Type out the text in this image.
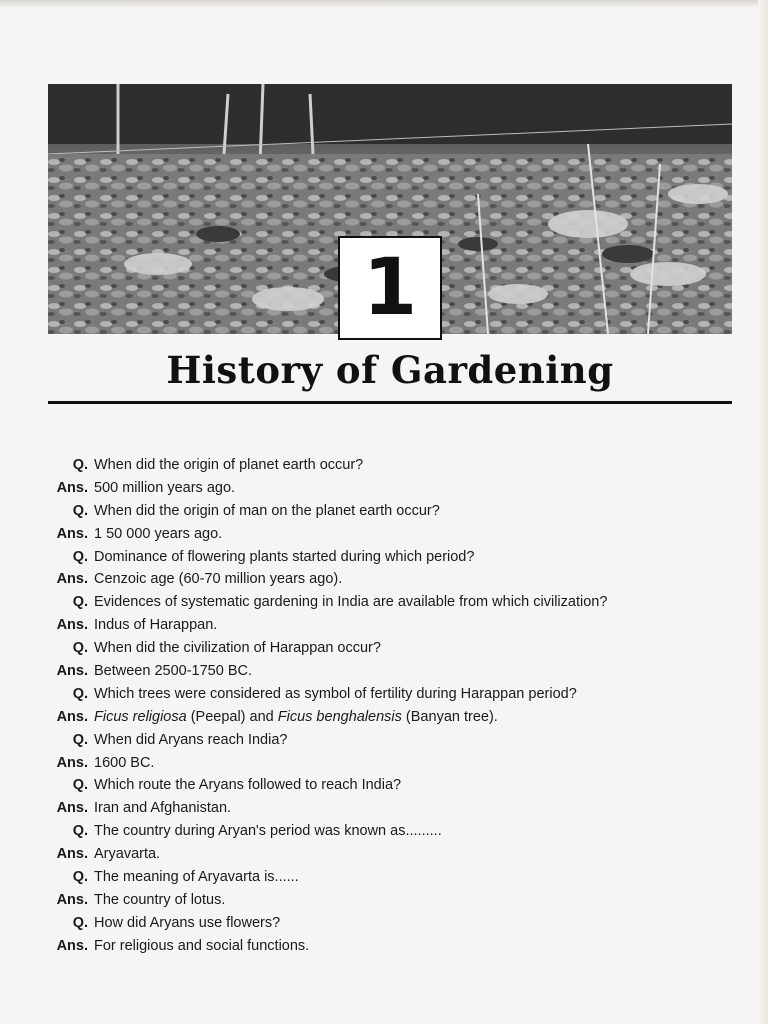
1
History of Gardening
Q. When did the origin of planet earth occur?
Ans. 500 million years ago.
Q. When did the origin of man on the planet earth occur?
Ans. 1 50 000 years ago.
Q. Dominance of flowering plants started during which period?
Ans. Cenzoic age (60-70 million years ago).
Q. Evidences of systematic gardening in India are available from which civilization?
Ans. Indus of Harappan.
Q. When did the civilization of Harappan occur?
Ans. Between 2500-1750 BC.
Q. Which trees were considered as symbol of fertility during Harappan period?
Ans. Ficus religiosa (Peepal) and Ficus benghalensis (Banyan tree).
Q. When did Aryans reach India?
Ans. 1600 BC.
Q. Which route the Aryans followed to reach India?
Ans. Iran and Afghanistan.
Q. The country during Aryan's period was known as.........
Ans. Aryavarta.
Q. The meaning of Aryavarta is......
Ans. The country of lotus.
Q. How did Aryans use flowers?
Ans. For religious and social functions.
